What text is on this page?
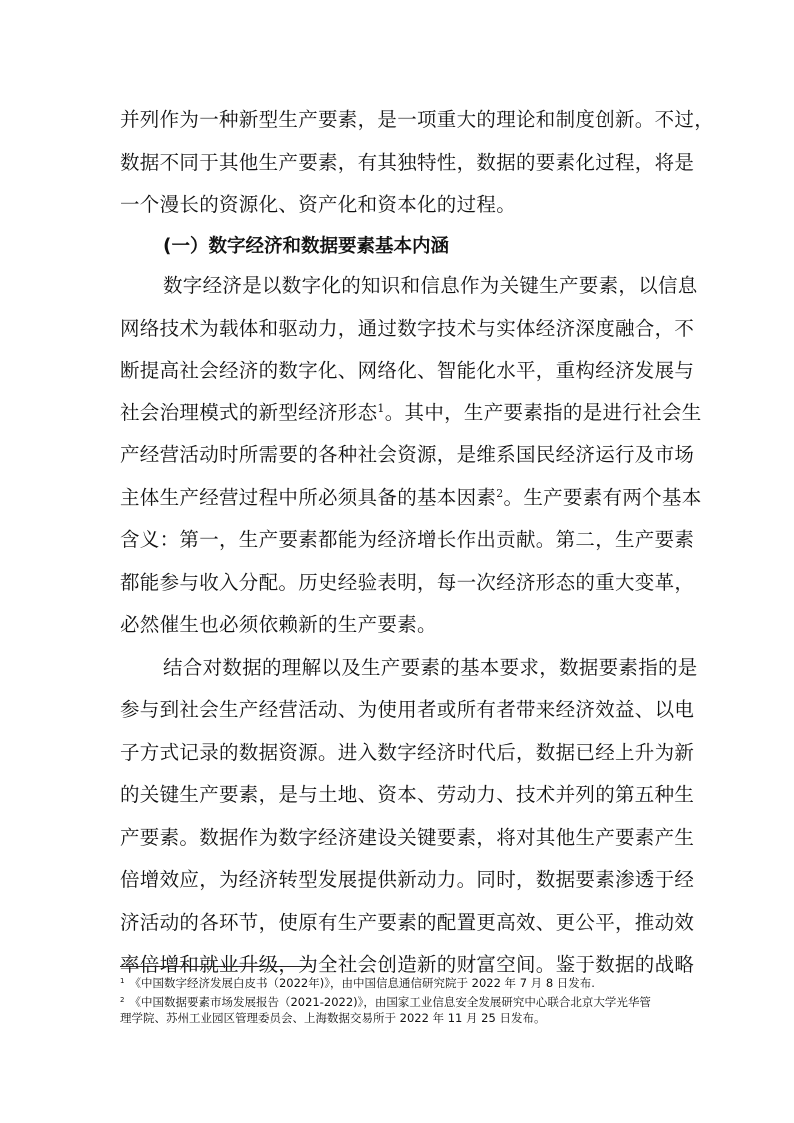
并列作为一种新型生产要素，是一项重大的理论和制度创新。不过，
数据不同于其他生产要素，有其独特性，数据的要素化过程，将是
一个漫长的资源化、资产化和资本化的过程。
(一）数字经济和数据要素基本内涵
数字经济是以数字化的知识和信息作为关键生产要素，以信息
网络技术为载体和驱动力，通过数字技术与实体经济深度融合，不
断提高社会经济的数字化、网络化、智能化水平，重构经济发展与
社会治理模式的新型经济形态$^1$。其中，生产要素指的是进行社会生
产经营活动时所需要的各种社会资源，是维系国民经济运行及市场
主体生产经营过程中所必须具备的基本因素$^2$。生产要素有两个基本
含义：第一，生产要素都能为经济增长作出贡献。第二，生产要素
都能参与收入分配。历史经验表明，每一次经济形态的重大变革，
必然催生也必须依赖新的生产要素。
结合对数据的理解以及生产要素的基本要求，数据要素指的是
参与到社会生产经营活动、为使用者或所有者带来经济效益、以电
子方式记录的数据资源。进入数字经济时代后，数据已经上升为新
的关键生产要素，是与土地、资本、劳动力、技术并列的第五种生
产要素。数据作为数字经济建设关键要素，将对其他生产要素产生
倍增效应，为经济转型发展提供新动力。同时，数据要素渗透于经
济活动的各环节，使原有生产要素的配置更高效、更公平，推动效
率倍增和就业升级，为全社会创造新的财富空间。鉴于数据的战略
$^1$ 《中国数字经济发展白皮书（2022年)》，由中国信息通信研究院于 2022 年 7 月 8 日发布.
$^2$ 《中国数据要素市场发展报告（2021-2022)》，由国家工业信息安全发展研究中心联合北京大学光华管
理学院、苏州工业园区管理委员会、上海数据交易所于 2022 年 11 月 25 日发布。
